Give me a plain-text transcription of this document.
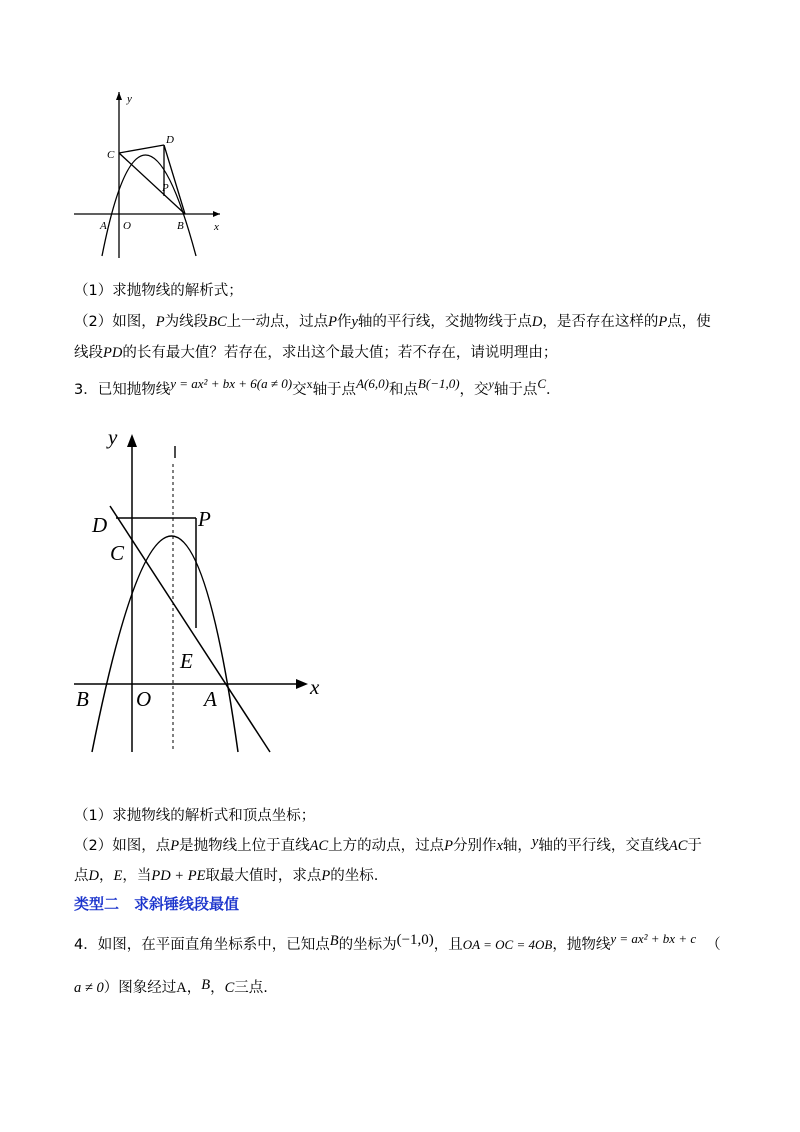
y
x
C
D
P
A O	B
（1）求抛物线的解析式；
（2）如图，P为线段BC上一动点，过点P作y轴的平行线，交抛物线于点D，是否存在这样的P点，使
线段PD的长有最大值？若存在，求出这个最大值；若不存在，请说明理由；
3．已知抛物线y = ax² + bx + 6(a ≠ 0)交$^x$轴于点A(6,0)和点B(−1,0)，交$^y$轴于点C．
y
x
D	P
C
E
B O	A
（1）求抛物线的解析式和顶点坐标；
（2）如图，点P是抛物线上位于直线AC上方的动点，过点P分别作x轴，y轴的平行线，交直线AC于
点D，E，当PD + PE取最大值时，求点P的坐标.
类型二　求斜锤线段最值
4．如图，在平面直角坐标系中，已知点B的坐标为(−1,0)，且OA = OC = 4OB，抛物线y = ax² + bx + c （
a ≠ 0）图象经过A，B，C三点.
